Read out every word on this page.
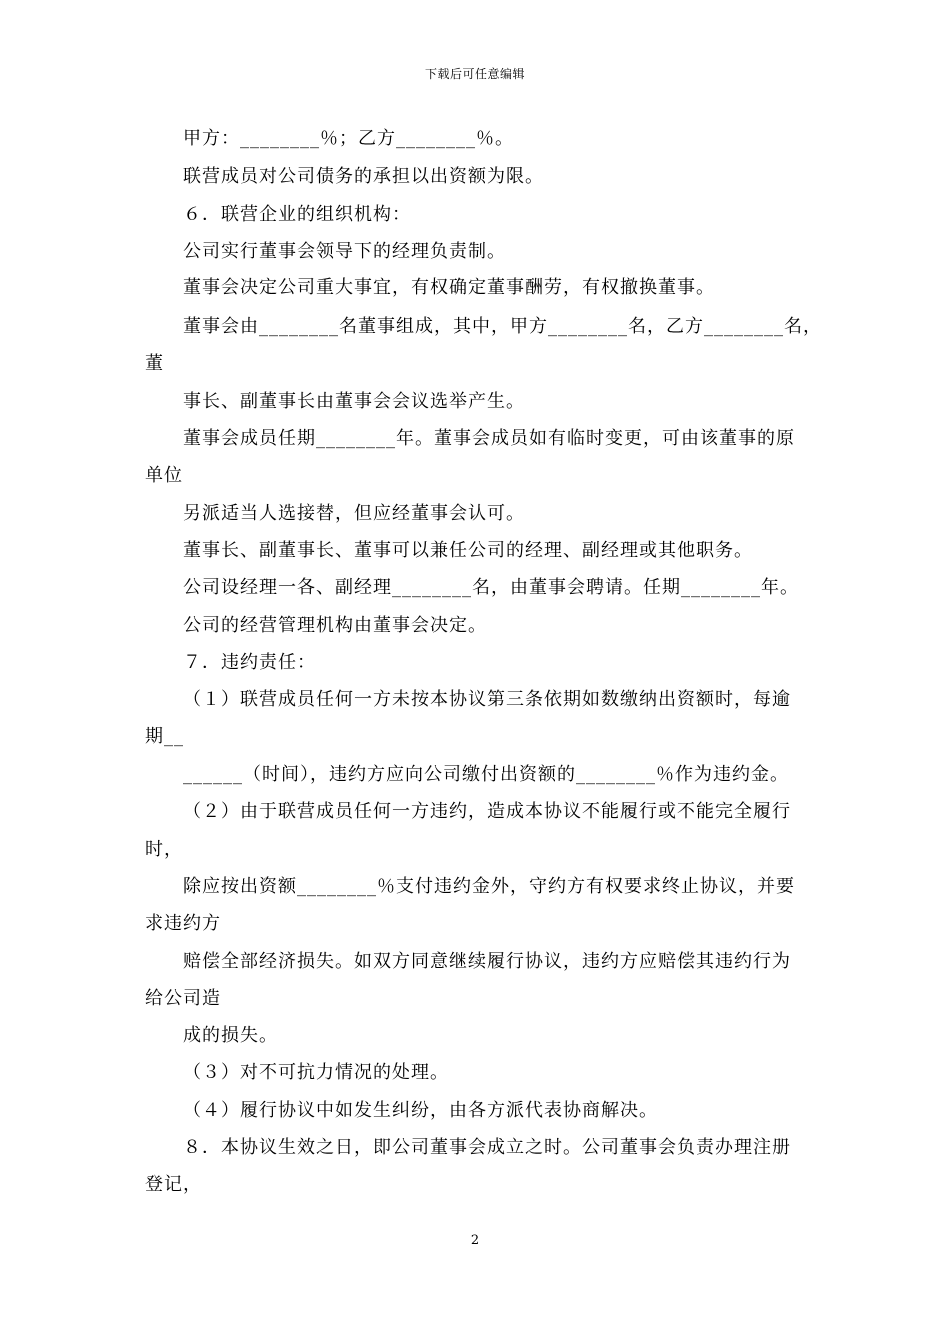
下载后可任意编辑
甲方：________％；乙方________％。
联营成员对公司债务的承担以出资额为限。
６．联营企业的组织机构：
公司实行董事会领导下的经理负责制。
董事会决定公司重大事宜，有权确定董事酬劳，有权撤换董事。
董事会由________名董事组成，其中，甲方________名，乙方________名，
董
事长、副董事长由董事会会议选举产生。
董事会成员任期________年。董事会成员如有临时变更，可由该董事的原
单位
另派适当人选接替，但应经董事会认可。
董事长、副董事长、董事可以兼任公司的经理、副经理或其他职务。
公司设经理一各、副经理________名，由董事会聘请。任期________年。
公司的经营管理机构由董事会决定。
７．违约责任：
（１）联营成员任何一方未按本协议第三条依期如数缴纳出资额时，每逾
期__
______（时间），违约方应向公司缴付出资额的________％作为违约金。
（２）由于联营成员任何一方违约，造成本协议不能履行或不能完全履行
时，
除应按出资额________％支付违约金外，守约方有权要求终止协议，并要
求违约方
赔偿全部经济损失。如双方同意继续履行协议，违约方应赔偿其违约行为
给公司造
成的损失。
（３）对不可抗力情况的处理。
（４）履行协议中如发生纠纷，由各方派代表协商解决。
８．本协议生效之日，即公司董事会成立之时。公司董事会负责办理注册
登记，
2
